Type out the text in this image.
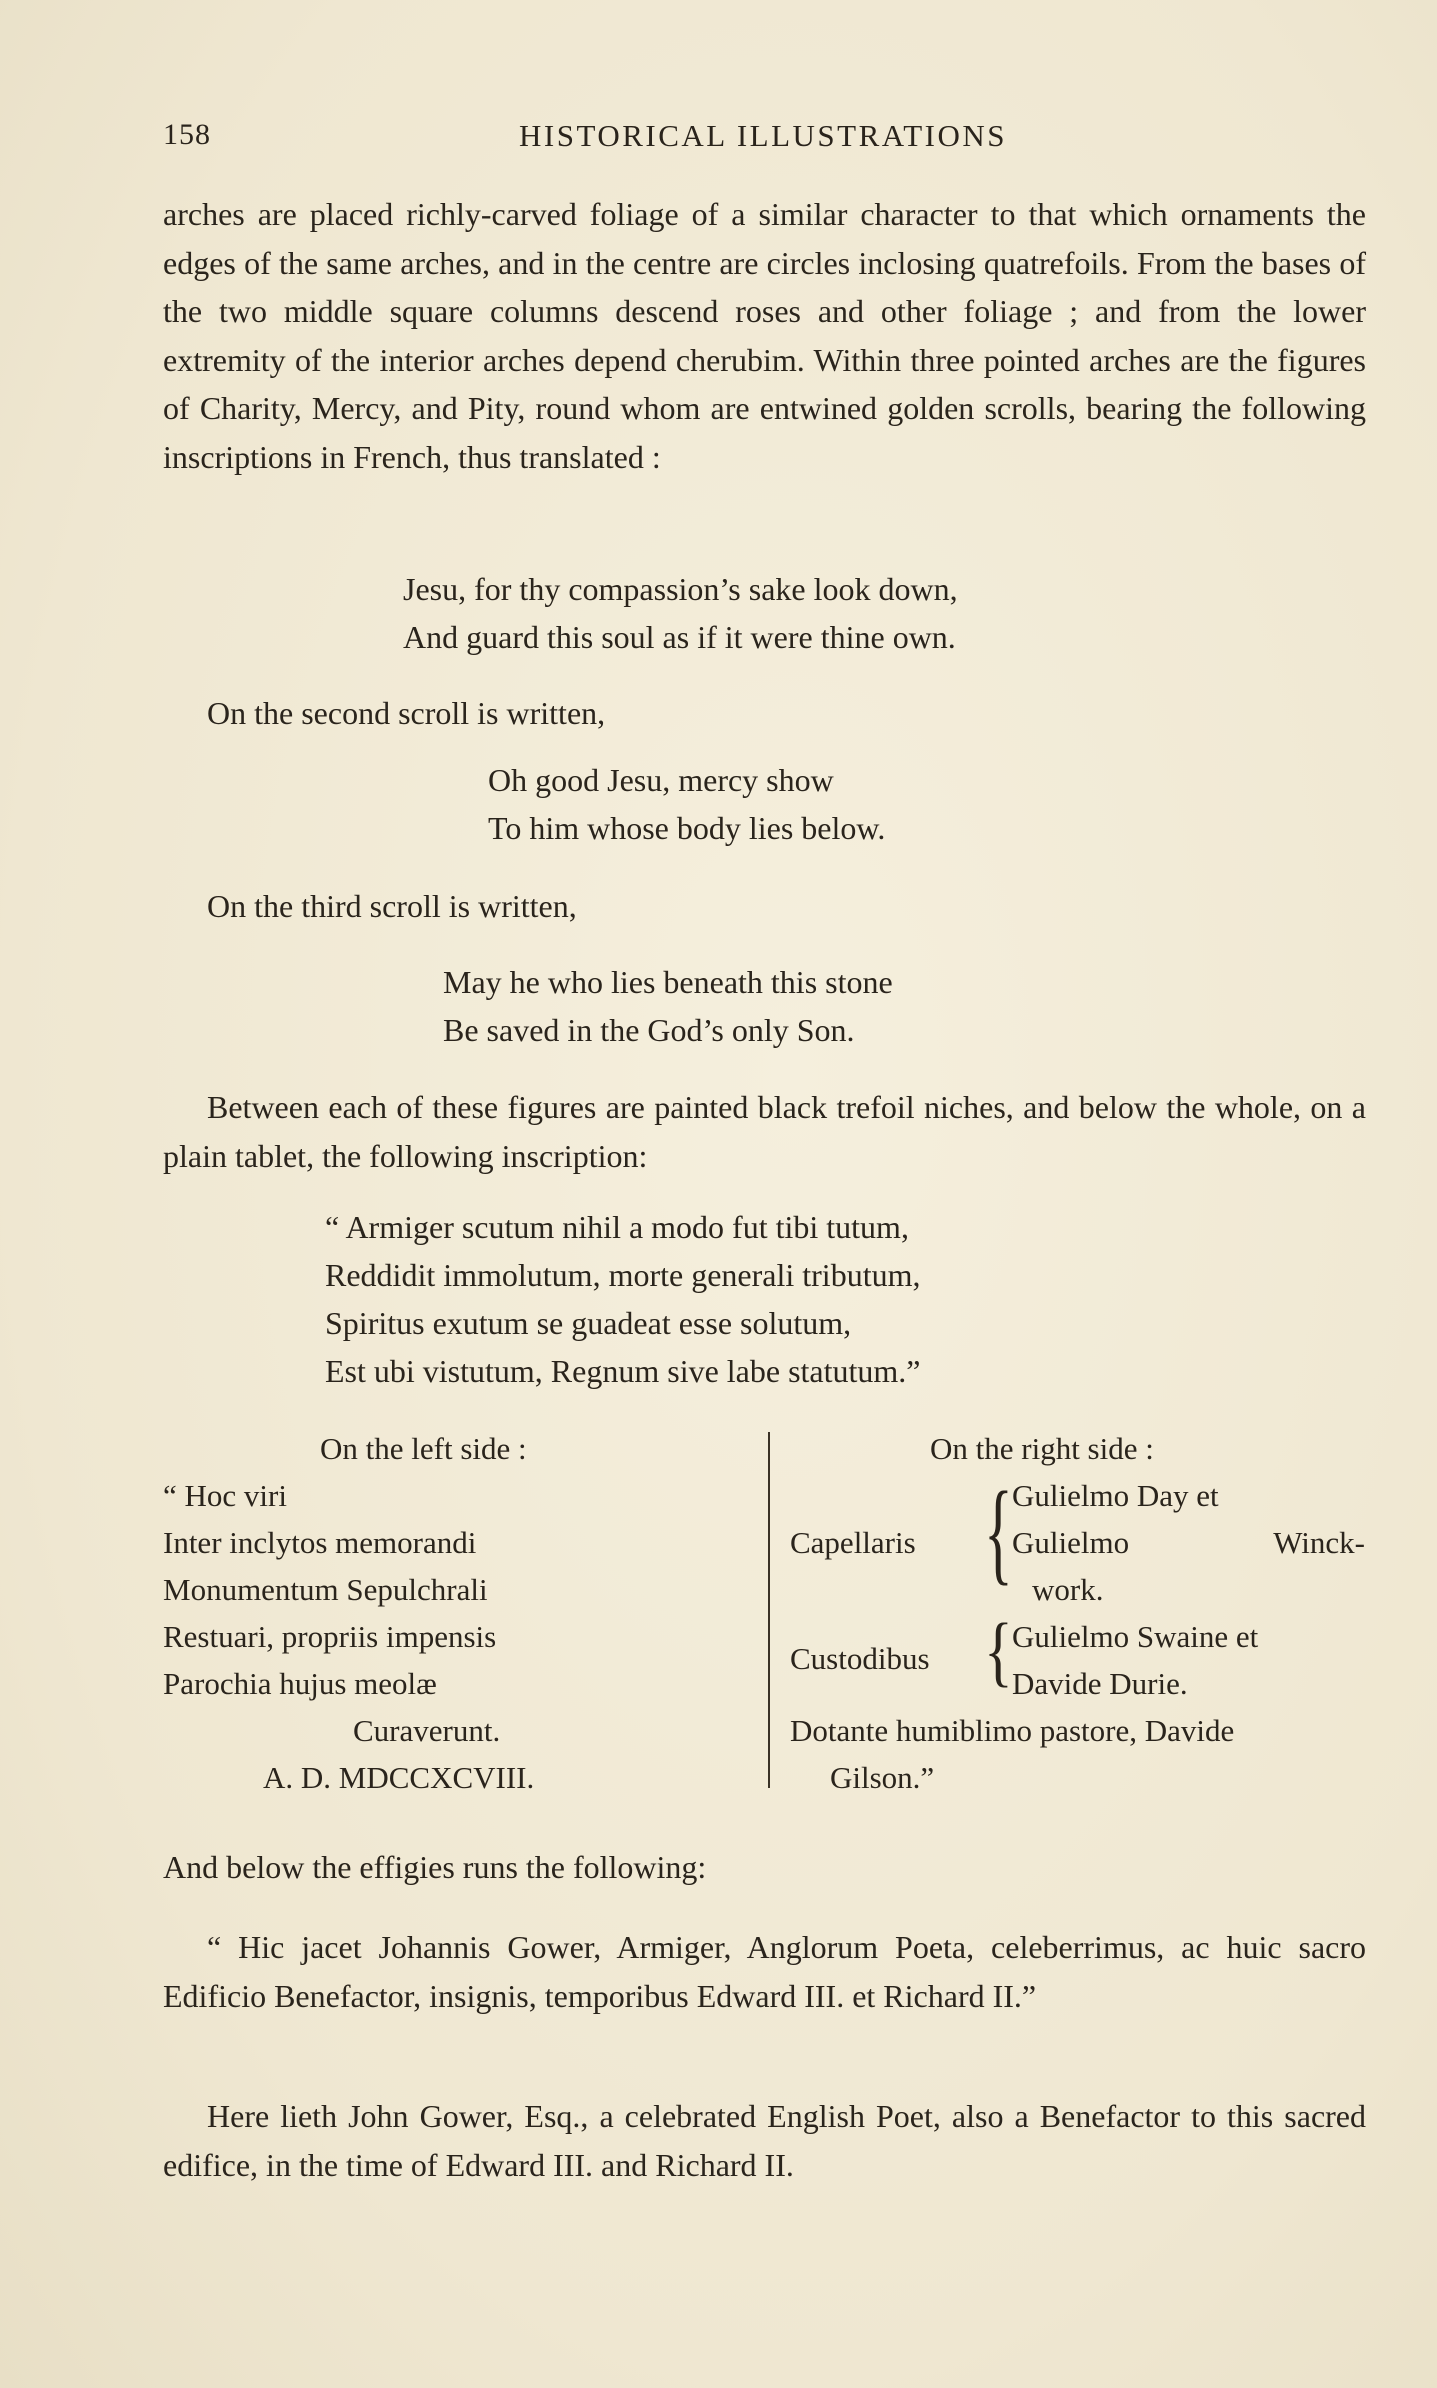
158	HISTORICAL ILLUSTRATIONS

arches are placed richly-carved foliage of a similar character to that which ornaments the edges of the same arches, and in the centre are circles inclosing quatrefoils. From the bases of the two middle square columns descend roses and other foliage ; and from the lower extremity of the interior arches depend cherubim. Within three pointed arches are the figures of Charity, Mercy, and Pity, round whom are entwined golden scrolls, bearing the following inscriptions in French, thus translated :

Jesu, for thy compassion’s sake look down,
And guard this soul as if it were thine own.

On the second scroll is written,

Oh good Jesu, mercy show
To him whose body lies below.

On the third scroll is written,

May he who lies beneath this stone
Be saved in the God’s only Son.

Between each of these figures are painted black trefoil niches, and below the whole, on a plain tablet, the following inscription:

“ Armiger scutum nihil a modo fut tibi tutum,
Reddidit immolutum, morte generali tributum,
Spiritus exutum se guadeat esse solutum,
Est ubi vistutum, Regnum sive labe statutum.”
On the left side :
“ Hoc viri
Inter inclytos memorandi
Monumentum Sepulchrali
Restuari, propriis impensis
Parochia hujus meolæ
Curaverunt.
A. D. MDCCXCVIII.
On the right side :
Capellaris { Gulielmo Day et
Gulielmo	Winck-
work.
Custodibus { Gulielmo Swaine et
Davide Durie.
Dotante humiblimo pastore, Davide
Gilson.”

And below the effigies runs the following:

“ Hic jacet Johannis Gower, Armiger, Anglorum Poeta, celeberrimus, ac huic sacro Edificio Benefactor, insignis, temporibus Edward III. et Richard II.”

Here lieth John Gower, Esq., a celebrated English Poet, also a Benefactor to this sacred edifice, in the time of Edward III. and Richard II.
